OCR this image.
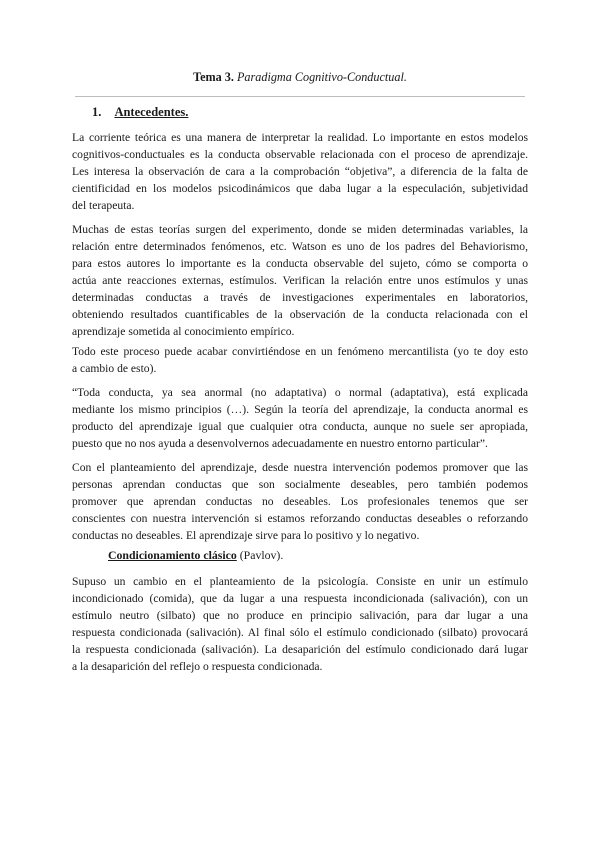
Tema 3. Paradigma Cognitivo-Conductual.
1. Antecedentes.
La corriente teórica es una manera de interpretar la realidad. Lo importante en estos modelos
cognitivos-conductuales es la conducta observable relacionada con el proceso de aprendizaje.
Les interesa la observación de cara a la comprobación “objetiva”, a diferencia de la falta de
cientificidad en los modelos psicodinámicos que daba lugar a la especulación, subjetividad
del terapeuta.
Muchas de estas teorías surgen del experimento, donde se miden determinadas variables, la
relación entre determinados fenómenos, etc. Watson es uno de los padres del Behaviorismo,
para estos autores lo importante es la conducta observable del sujeto, cómo se comporta o
actúa ante reacciones externas, estímulos. Verifican la relación entre unos estímulos y unas
determinadas conductas a través de investigaciones experimentales en laboratorios,
obteniendo resultados cuantificables de la observación de la conducta relacionada con el
aprendizaje sometida al conocimiento empírico.
Todo este proceso puede acabar convirtiéndose en un fenómeno mercantilista (yo te doy esto
a cambio de esto).
“Toda conducta, ya sea anormal (no adaptativa) o normal (adaptativa), está explicada
mediante los mismo principios (…). Según la teoría del aprendizaje, la conducta anormal es
producto del aprendizaje igual que cualquier otra conducta, aunque no suele ser apropiada,
puesto que no nos ayuda a desenvolvernos adecuadamente en nuestro entorno particular”.
Con el planteamiento del aprendizaje, desde nuestra intervención podemos promover que las
personas aprendan conductas que son socialmente deseables, pero también podemos
promover que aprendan conductas no deseables. Los profesionales tenemos que ser
conscientes con nuestra intervención si estamos reforzando conductas deseables o reforzando
conductas no deseables. El aprendizaje sirve para lo positivo y lo negativo.
Condicionamiento clásico (Pavlov).
Supuso un cambio en el planteamiento de la psicología. Consiste en unir un estímulo
incondicionado (comida), que da lugar a una respuesta incondicionada (salivación), con un
estímulo neutro (silbato) que no produce en principio salivación, para dar lugar a una
respuesta condicionada (salivación). Al final sólo el estímulo condicionado (silbato) provocará
la respuesta condicionada (salivación). La desaparición del estímulo condicionado dará lugar
a la desaparición del reflejo o respuesta condicionada.
